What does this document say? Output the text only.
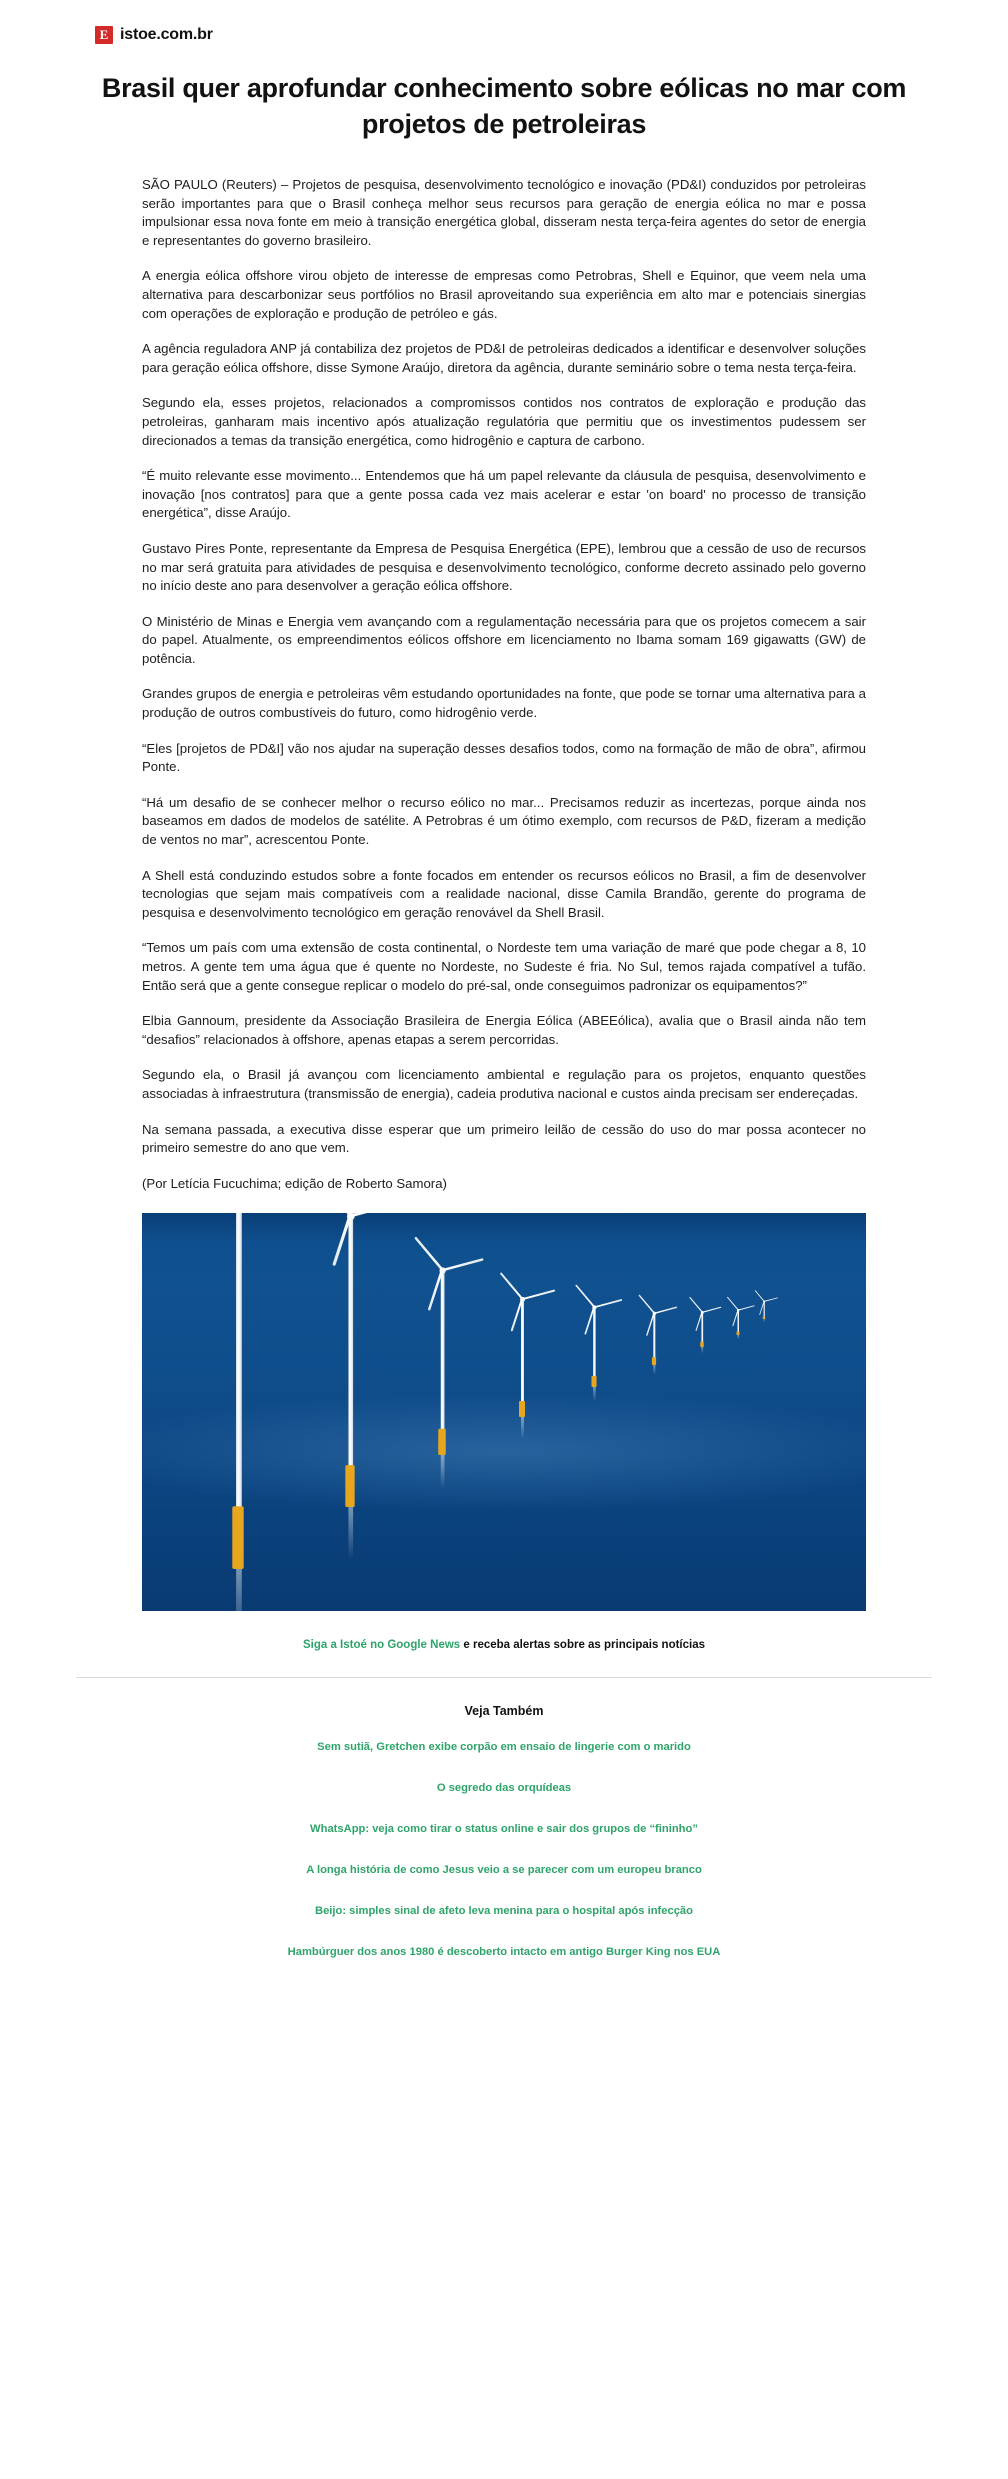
E istoe.com.br
Brasil quer aprofundar conhecimento sobre eólicas no mar com projetos de petroleiras

SÃO PAULO (Reuters) – Projetos de pesquisa, desenvolvimento tecnológico e inovação (PD&I) conduzidos por petroleiras serão importantes para que o Brasil conheça melhor seus recursos para geração de energia eólica no mar e possa impulsionar essa nova fonte em meio à transição energética global, disseram nesta terça-feira agentes do setor de energia e representantes do governo brasileiro.

A energia eólica offshore virou objeto de interesse de empresas como Petrobras, Shell e Equinor, que veem nela uma alternativa para descarbonizar seus portfólios no Brasil aproveitando sua experiência em alto mar e potenciais sinergias com operações de exploração e produção de petróleo e gás.

A agência reguladora ANP já contabiliza dez projetos de PD&I de petroleiras dedicados a identificar e desenvolver soluções para geração eólica offshore, disse Symone Araújo, diretora da agência, durante seminário sobre o tema nesta terça-feira.

Segundo ela, esses projetos, relacionados a compromissos contidos nos contratos de exploração e produção das petroleiras, ganharam mais incentivo após atualização regulatória que permitiu que os investimentos pudessem ser direcionados a temas da transição energética, como hidrogênio e captura de carbono.

“É muito relevante esse movimento... Entendemos que há um papel relevante da cláusula de pesquisa, desenvolvimento e inovação [nos contratos] para que a gente possa cada vez mais acelerar e estar 'on board' no processo de transição energética”, disse Araújo.

Gustavo Pires Ponte, representante da Empresa de Pesquisa Energética (EPE), lembrou que a cessão de uso de recursos no mar será gratuita para atividades de pesquisa e desenvolvimento tecnológico, conforme decreto assinado pelo governo no início deste ano para desenvolver a geração eólica offshore.

O Ministério de Minas e Energia vem avançando com a regulamentação necessária para que os projetos comecem a sair do papel. Atualmente, os empreendimentos eólicos offshore em licenciamento no Ibama somam 169 gigawatts (GW) de potência.

Grandes grupos de energia e petroleiras vêm estudando oportunidades na fonte, que pode se tornar uma alternativa para a produção de outros combustíveis do futuro, como hidrogênio verde.

“Eles [projetos de PD&I] vão nos ajudar na superação desses desafios todos, como na formação de mão de obra”, afirmou Ponte.

“Há um desafio de se conhecer melhor o recurso eólico no mar... Precisamos reduzir as incertezas, porque ainda nos baseamos em dados de modelos de satélite. A Petrobras é um ótimo exemplo, com recursos de P&D, fizeram a medição de ventos no mar”, acrescentou Ponte.

A Shell está conduzindo estudos sobre a fonte focados em entender os recursos eólicos no Brasil, a fim de desenvolver tecnologias que sejam mais compatíveis com a realidade nacional, disse Camila Brandão, gerente do programa de pesquisa e desenvolvimento tecnológico em geração renovável da Shell Brasil.

“Temos um país com uma extensão de costa continental, o Nordeste tem uma variação de maré que pode chegar a 8, 10 metros. A gente tem uma água que é quente no Nordeste, no Sudeste é fria. No Sul, temos rajada compatível a tufão. Então será que a gente consegue replicar o modelo do pré-sal, onde conseguimos padronizar os equipamentos?”

Elbia Gannoum, presidente da Associação Brasileira de Energia Eólica (ABEEólica), avalia que o Brasil ainda não tem “desafios” relacionados à offshore, apenas etapas a serem percorridas.

Segundo ela, o Brasil já avançou com licenciamento ambiental e regulação para os projetos, enquanto questões associadas à infraestrutura (transmissão de energia), cadeia produtiva nacional e custos ainda precisam ser endereçadas.

Na semana passada, a executiva disse esperar que um primeiro leilão de cessão do uso do mar possa acontecer no primeiro semestre do ano que vem.

(Por Letícia Fucuchima; edição de Roberto Samora)

Siga a Istoé no Google News e receba alertas sobre as principais notícias
Veja Também
Sem sutiã, Gretchen exibe corpão em ensaio de lingerie com o marido
O segredo das orquídeas
WhatsApp: veja como tirar o status online e sair dos grupos de “fininho”
A longa história de como Jesus veio a se parecer com um europeu branco
Beijo: simples sinal de afeto leva menina para o hospital após infecção
Hambúrguer dos anos 1980 é descoberto intacto em antigo Burger King nos EUA
